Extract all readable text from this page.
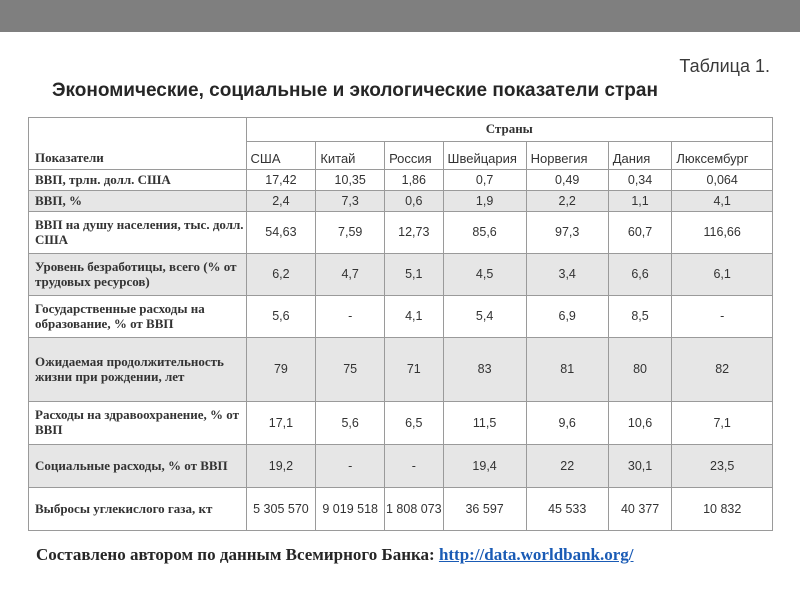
Таблица 1.
Экономические, социальные и экологические показатели стран
Показатели	Страны						
	США	Китай	Россия	Швейцария	Норвегия	Дания	Люксембург
ВВП, трлн. долл. США	17,42	10,35	1,86	0,7	0,49	0,34	0,064
ВВП, %	2,4	7,3	0,6	1,9	2,2	1,1	4,1
ВВП на душу населения, тыс. долл. США	54,63	7,59	12,73	85,6	97,3	60,7	116,66
Уровень безработицы, всего (% от трудовых ресурсов)	6,2	4,7	5,1	4,5	3,4	6,6	6,1
Государственные расходы на образование, % от ВВП	5,6	-	4,1	5,4	6,9	8,5	-
Ожидаемая продолжительность жизни при рождении, лет	79	75	71	83	81	80	82
Расходы на здравоохранение, % от ВВП	17,1	5,6	6,5	11,5	9,6	10,6	7,1
Социальные расходы, % от ВВП	19,2	-	-	19,4	22	30,1	23,5
Выбросы углекислого газа, кт	5 305 570	9 019 518	1 808 073	36 597	45 533	40 377	10 832
Составлено автором по данным Всемирного Банка: http://data.worldbank.org/
